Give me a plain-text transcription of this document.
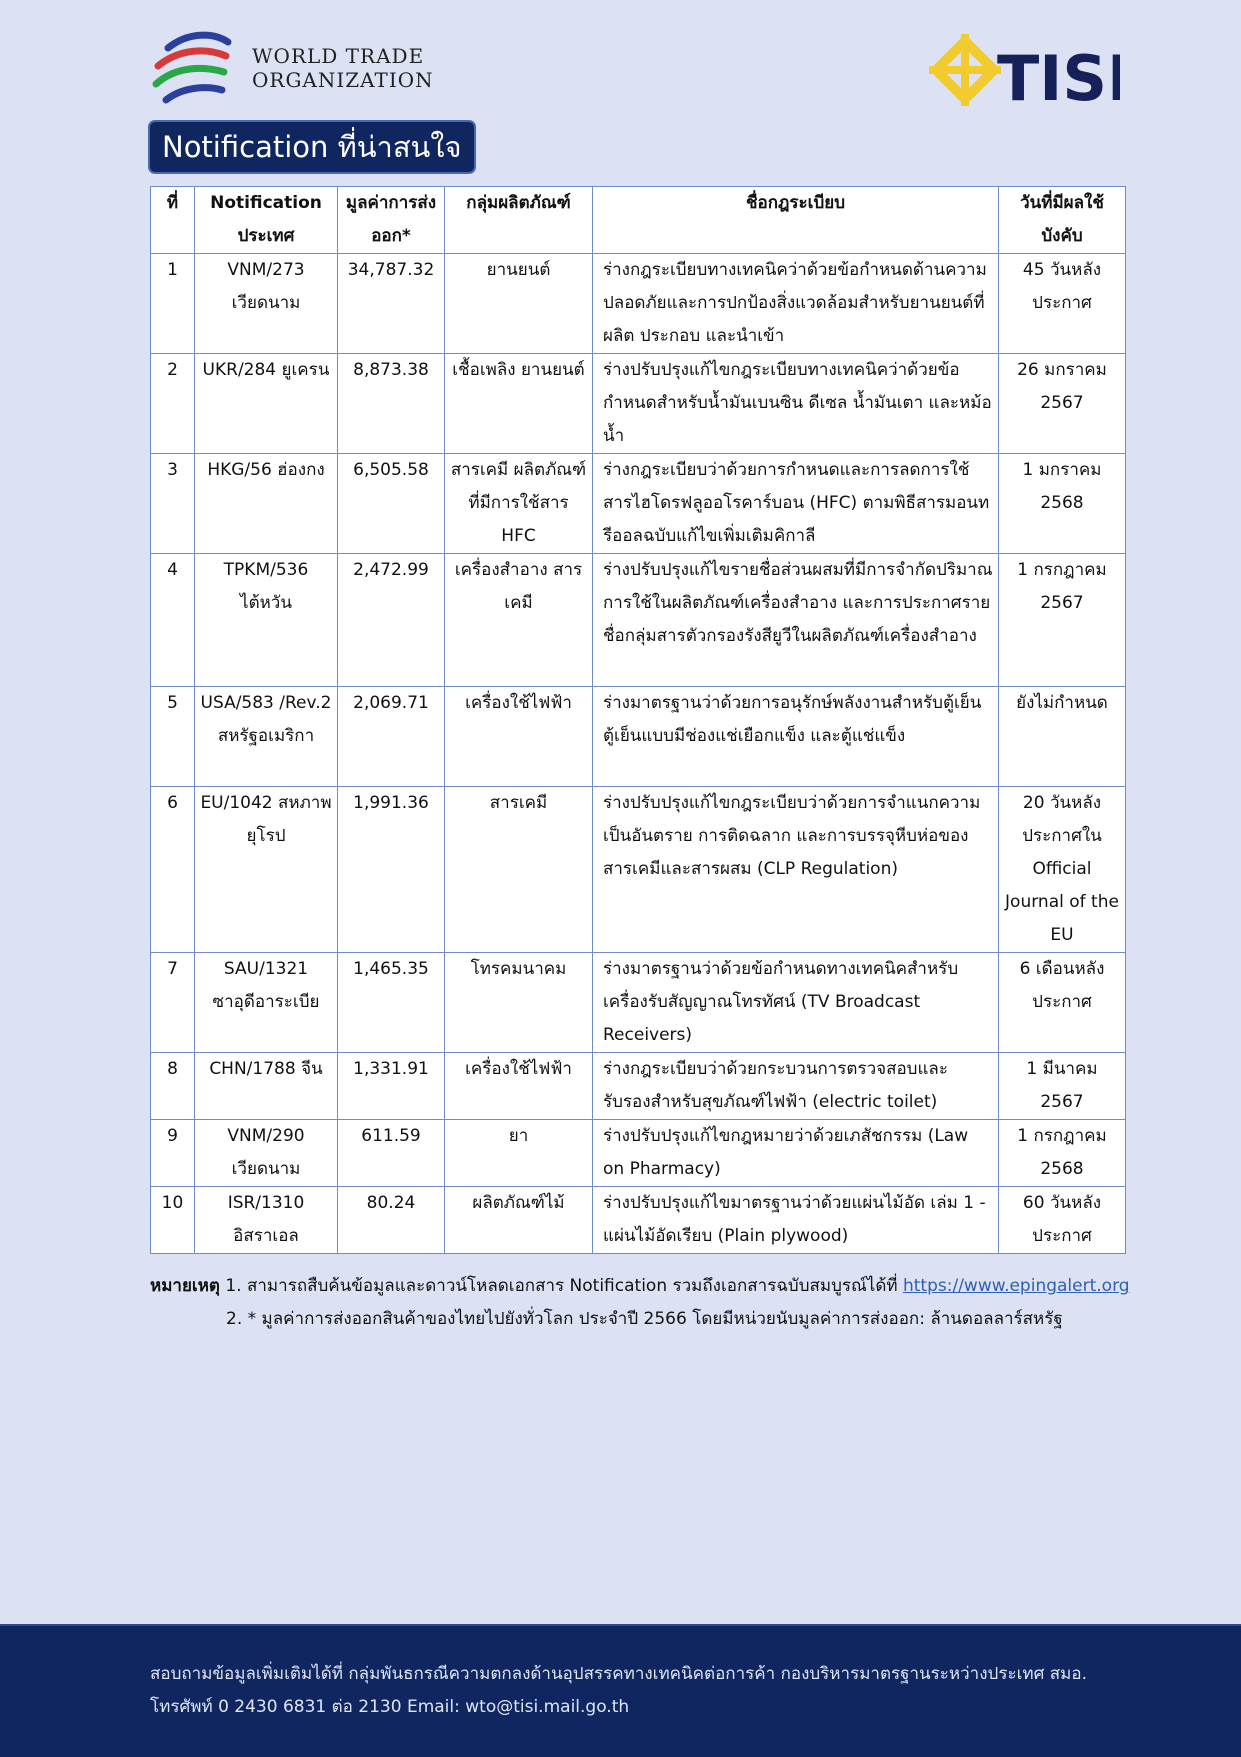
WORLD TRADE
ORGANIZATION	TISI
Notification ที่น่าสนใจ
ที่	Notification ประเทศ	มูลค่าการส่งออก*	กลุ่มผลิตภัณฑ์	ชื่อกฎระเบียบ	วันที่มีผลใช้บังคับ
1	VNM/273 เวียดนาม	34,787.32	ยานยนต์	ร่างกฎระเบียบทางเทคนิคว่าด้วยข้อกำหนดด้านความปลอดภัยและการปกป้องสิ่งแวดล้อมสำหรับยานยนต์ที่ผลิต ประกอบ และนำเข้า	45 วันหลังประกาศ
2	UKR/284 ยูเครน	8,873.38	เชื้อเพลิง ยานยนต์	ร่างปรับปรุงแก้ไขกฎระเบียบทางเทคนิคว่าด้วยข้อกำหนดสำหรับน้ำมันเบนซิน ดีเซล น้ำมันเตา และหม้อน้ำ	26 มกราคม 2567
3	HKG/56 ฮ่องกง	6,505.58	สารเคมี ผลิตภัณฑ์ที่มีการใช้สาร HFC	ร่างกฎระเบียบว่าด้วยการกำหนดและการลดการใช้สารไฮโดรฟลูออโรคาร์บอน (HFC) ตามพิธีสารมอนทรีออลฉบับแก้ไขเพิ่มเติมคิกาลี	1 มกราคม 2568
4	TPKM/536 ไต้หวัน	2,472.99	เครื่องสำอาง สารเคมี	ร่างปรับปรุงแก้ไขรายชื่อส่วนผสมที่มีการจำกัดปริมาณการใช้ในผลิตภัณฑ์เครื่องสำอาง และการประกาศรายชื่อกลุ่มสารตัวกรองรังสียูวีในผลิตภัณฑ์เครื่องสำอาง	1 กรกฎาคม 2567
5	USA/583 /Rev.2 สหรัฐอเมริกา	2,069.71	เครื่องใช้ไฟฟ้า	ร่างมาตรฐานว่าด้วยการอนุรักษ์พลังงานสำหรับตู้เย็น ตู้เย็นแบบมีช่องแช่เยือกแข็ง และตู้แช่แข็ง	ยังไม่กำหนด
6	EU/1042 สหภาพยุโรป	1,991.36	สารเคมี	ร่างปรับปรุงแก้ไขกฎระเบียบว่าด้วยการจำแนกความเป็นอันตราย การติดฉลาก และการบรรจุหีบห่อของสารเคมีและสารผสม (CLP Regulation)	20 วันหลังประกาศใน Official Journal of the EU
7	SAU/1321 ซาอุดีอาระเบีย	1,465.35	โทรคมนาคม	ร่างมาตรฐานว่าด้วยข้อกำหนดทางเทคนิคสำหรับเครื่องรับสัญญาณโทรทัศน์ (TV Broadcast Receivers)	6 เดือนหลังประกาศ
8	CHN/1788 จีน	1,331.91	เครื่องใช้ไฟฟ้า	ร่างกฎระเบียบว่าด้วยกระบวนการตรวจสอบและรับรองสำหรับสุขภัณฑ์ไฟฟ้า (electric toilet)	1 มีนาคม 2567
9	VNM/290 เวียดนาม	611.59	ยา	ร่างปรับปรุงแก้ไขกฎหมายว่าด้วยเภสัชกรรม (Law on Pharmacy)	1 กรกฎาคม 2568
10	ISR/1310 อิสราเอล	80.24	ผลิตภัณฑ์ไม้	ร่างปรับปรุงแก้ไขมาตรฐานว่าด้วยแผ่นไม้อัด เล่ม 1 - แผ่นไม้อัดเรียบ (Plain plywood)	60 วันหลังประกาศ
หมายเหตุ 1. สามารถสืบค้นข้อมูลและดาวน์โหลดเอกสาร Notification รวมถึงเอกสารฉบับสมบูรณ์ได้ที่ https://www.epingalert.org
2. * มูลค่าการส่งออกสินค้าของไทยไปยังทั่วโลก ประจำปี 2566 โดยมีหน่วยนับมูลค่าการส่งออก: ล้านดอลลาร์สหรัฐ
สอบถามข้อมูลเพิ่มเติมได้ที่ กลุ่มพันธกรณีความตกลงด้านอุปสรรคทางเทคนิคต่อการค้า กองบริหารมาตรฐานระหว่างประเทศ สมอ.
โทรศัพท์ 0 2430 6831 ต่อ 2130 Email: wto@tisi.mail.go.th
